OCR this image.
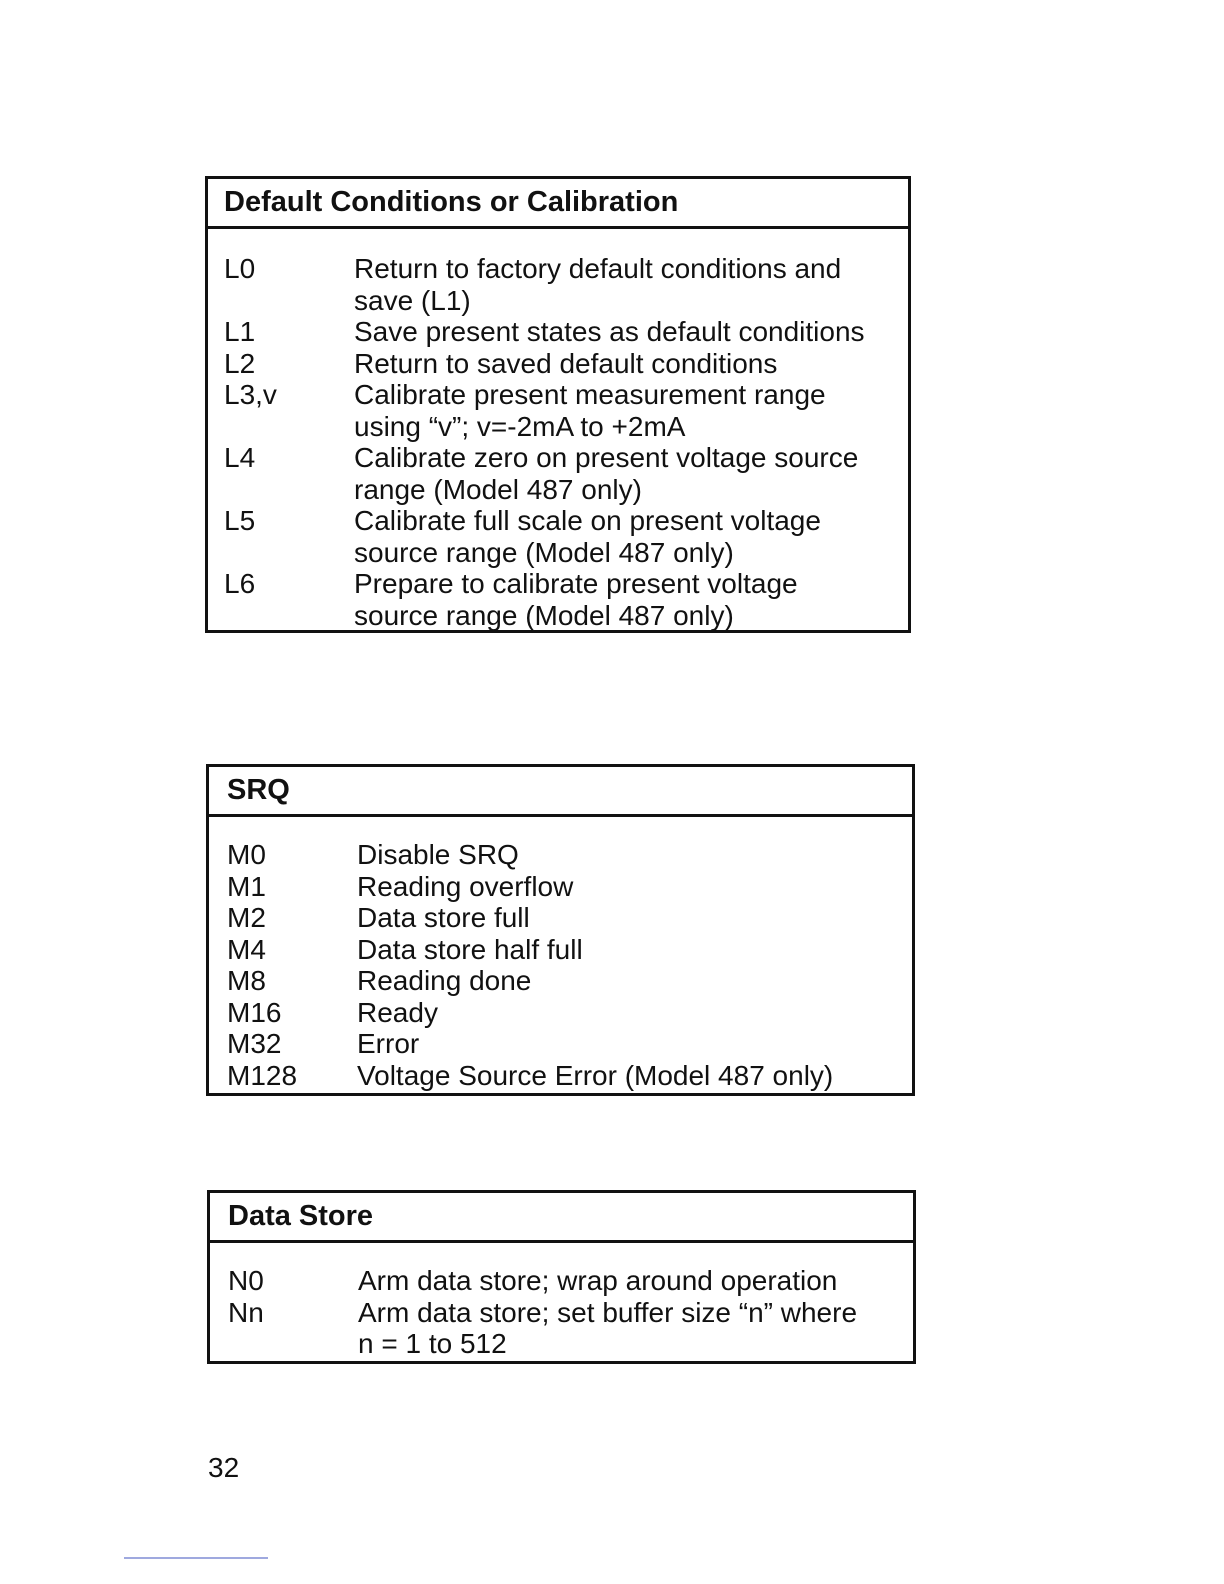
Default Conditions or Calibration
L0	Return to factory default conditions and
save (L1)
L1	Save present states as default conditions
L2	Return to saved default conditions
L3,v	Calibrate present measurement range
using “v”; v=-2mA to +2mA
L4	Calibrate zero on present voltage source
range (Model 487 only)
L5	Calibrate full scale on present voltage
source range (Model 487 only)
L6	Prepare to calibrate present voltage
source range (Model 487 only)
SRQ
M0	Disable SRQ
M1	Reading overflow
M2	Data store full
M4	Data store half full
M8	Reading done
M16	Ready
M32	Error
M128	Voltage Source Error (Model 487 only)
Data Store
N0	Arm data store; wrap around operation
Nn	Arm data store; set buffer size “n” where
n = 1 to 512
32
